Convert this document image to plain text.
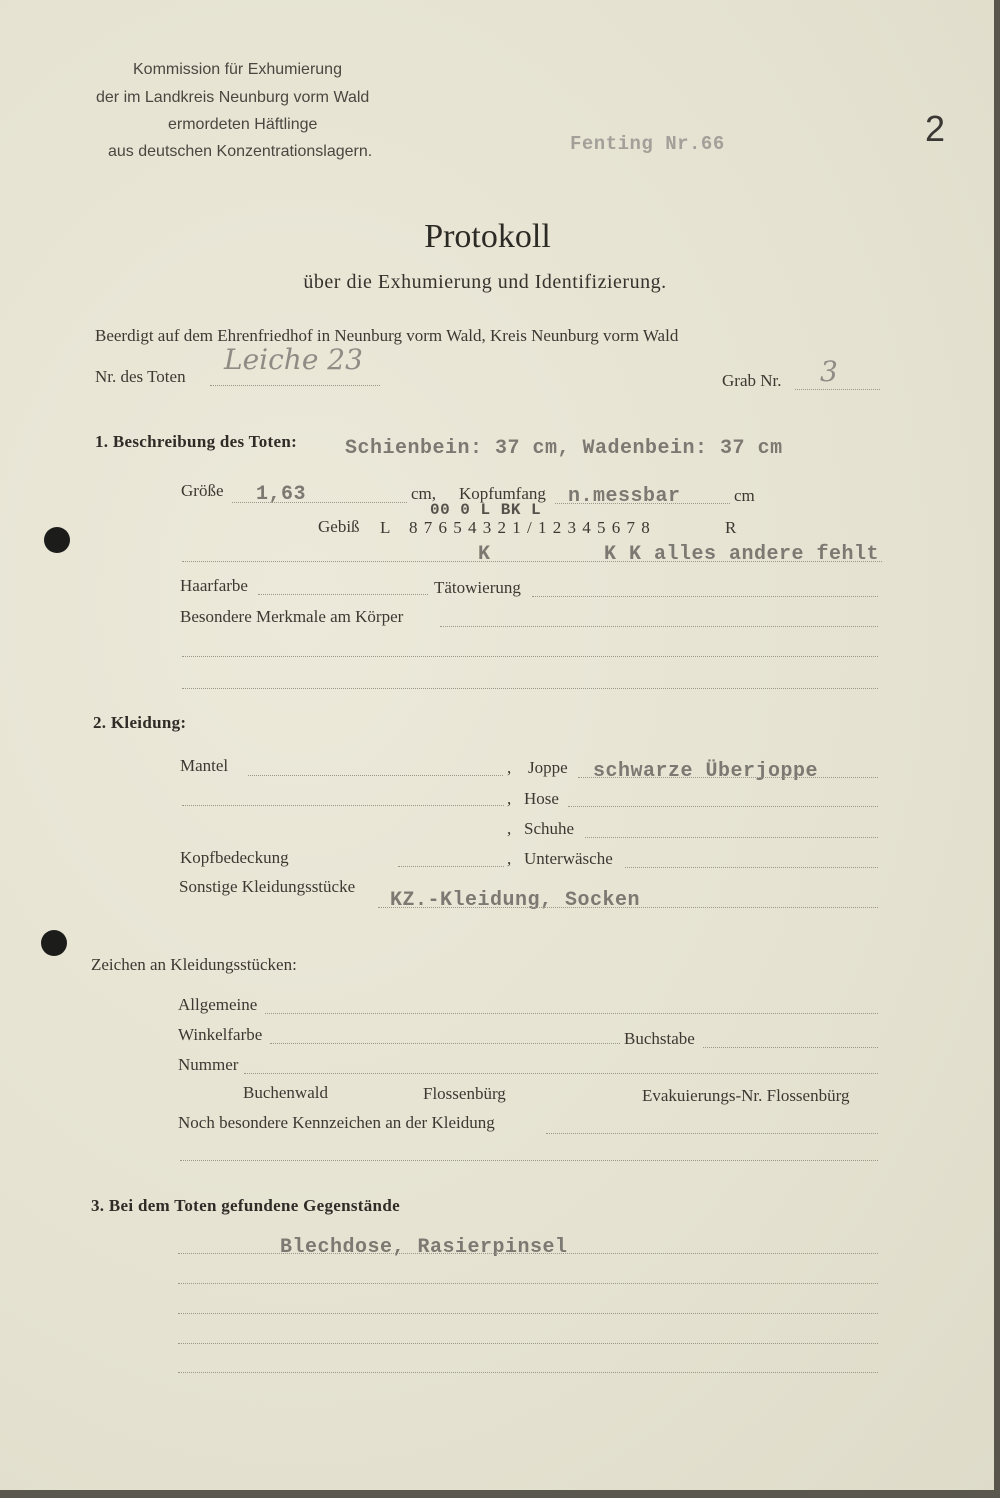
Kommission für Exhumierung
der im Landkreis Neunburg vorm Wald
ermordeten Häftlinge
aus deutschen Konzentrationslagern.	Fenting Nr.66	2
Protokoll
über die Exhumierung und Identifizierung.
Beerdigt auf dem Ehrenfriedhof in Neunburg vorm Wald, Kreis Neunburg vorm Wald
Nr. des Toten
Leiche 23
Grab Nr. 3
1. Beschreibung des Toten: Schienbein: 37 cm, Wadenbein: 37 cm
Größe 1,63	cm, Kopfumfang n.messbar	cm
Gebiß L 8 7 6 5 4 3 2 1 / 1 2 3 4 5 6 7 8	R
00 0 L BK L
K	K K alles andere fehlt
Haarfarbe	Tätowierung
Besondere Merkmale am Körper
2. Kleidung:
Mantel	, Joppe schwarze Überjoppe
, Hose
, Schuhe
Kopfbedeckung	, Unterwäsche
Sonstige Kleidungsstücke
KZ.-Kleidung, Socken
Zeichen an Kleidungsstücken:
Allgemeine
Winkelfarbe	Buchstabe
Nummer
Buchenwald	Flossenbürg	Evakuierungs-Nr. Flossenbürg
Noch besondere Kennzeichen an der Kleidung
3. Bei dem Toten gefundene Gegenstände
Blechdose, Rasierpinsel
